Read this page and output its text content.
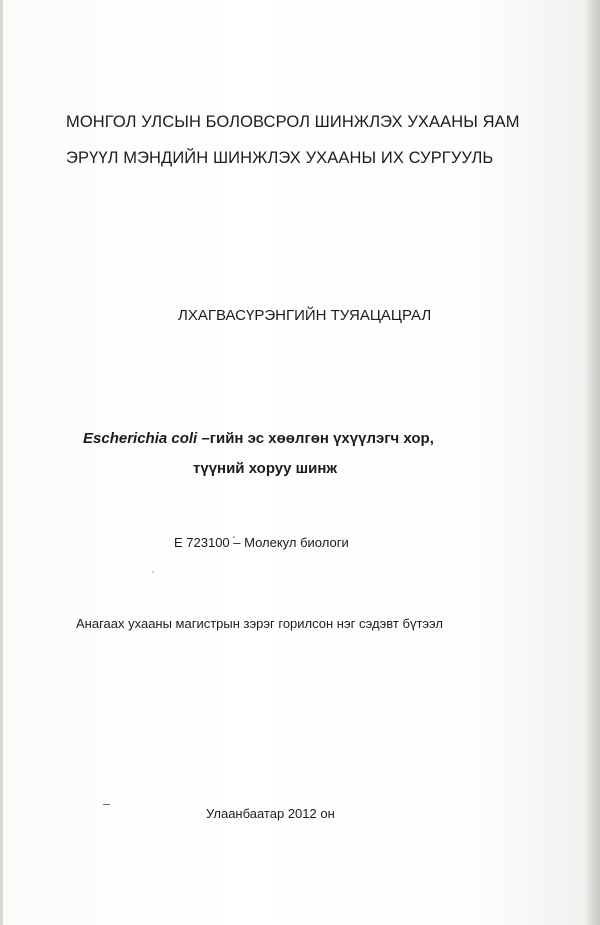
МОНГОЛ УЛСЫН БОЛОВСРОЛ ШИНЖЛЭХ УХААНЫ ЯАМ
ЭРҮҮЛ МЭНДИЙН ШИНЖЛЭХ УХААНЫ ИХ СУРГУУЛЬ
ЛХАГВАСҮРЭНГИЙН ТУЯАЦАЦРАЛ
Escherichia coli –гийн эс хөөлгөн үхүүлэгч хор,
түүний хоруу шинж
Е 723100 – Молекул биологи
Анагаах ухааны магистрын зэрэг горилсон нэг сэдэвт бүтээл
Улаанбаатар 2012 он
